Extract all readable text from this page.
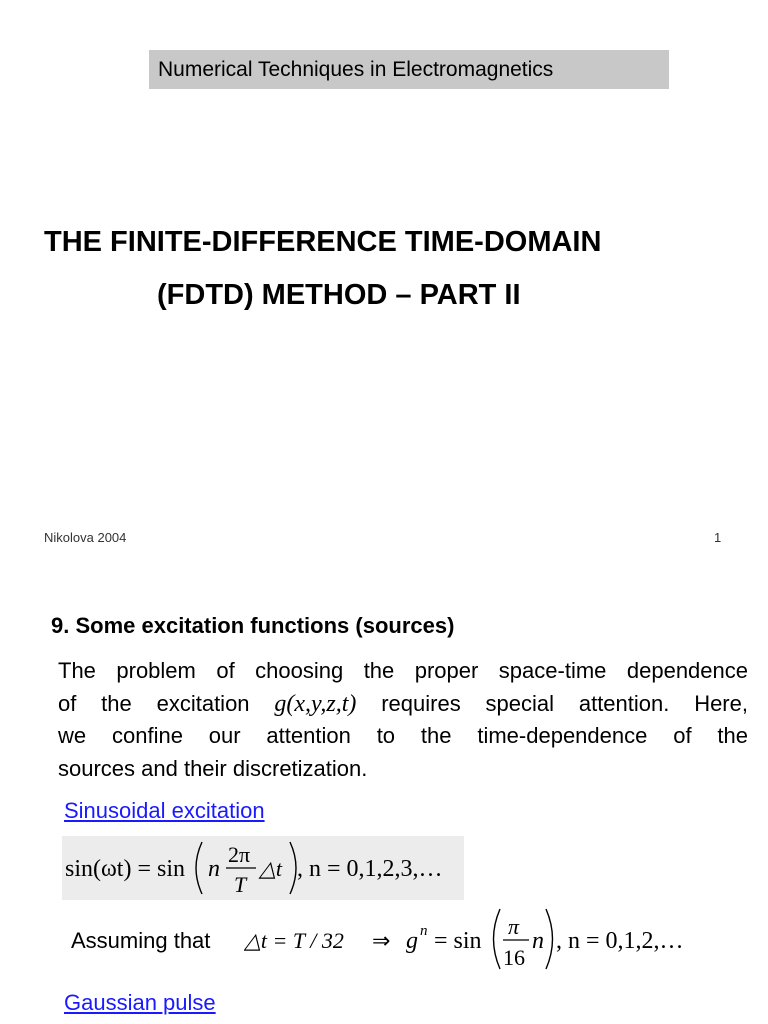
Numerical Techniques in Electromagnetics
THE FINITE-DIFFERENCE TIME-DOMAIN
(FDTD) METHOD – PART II
Nikolova 2004	1
9. Some excitation functions (sources)
The problem of choosing the proper space-time dependence
of the excitation g(x,y,z,t) requires special attention. Here,
we confine our attention to the time-dependence of the
sources and their discretization.
Sinusoidal excitation
sin(ωt) = sin n
2π
T
△t , n = 0,1,2,3,…
Assuming that △t = T / 32 ⇒ g n = sin
π
16
n , n = 0,1,2,…
Gaussian pulse
